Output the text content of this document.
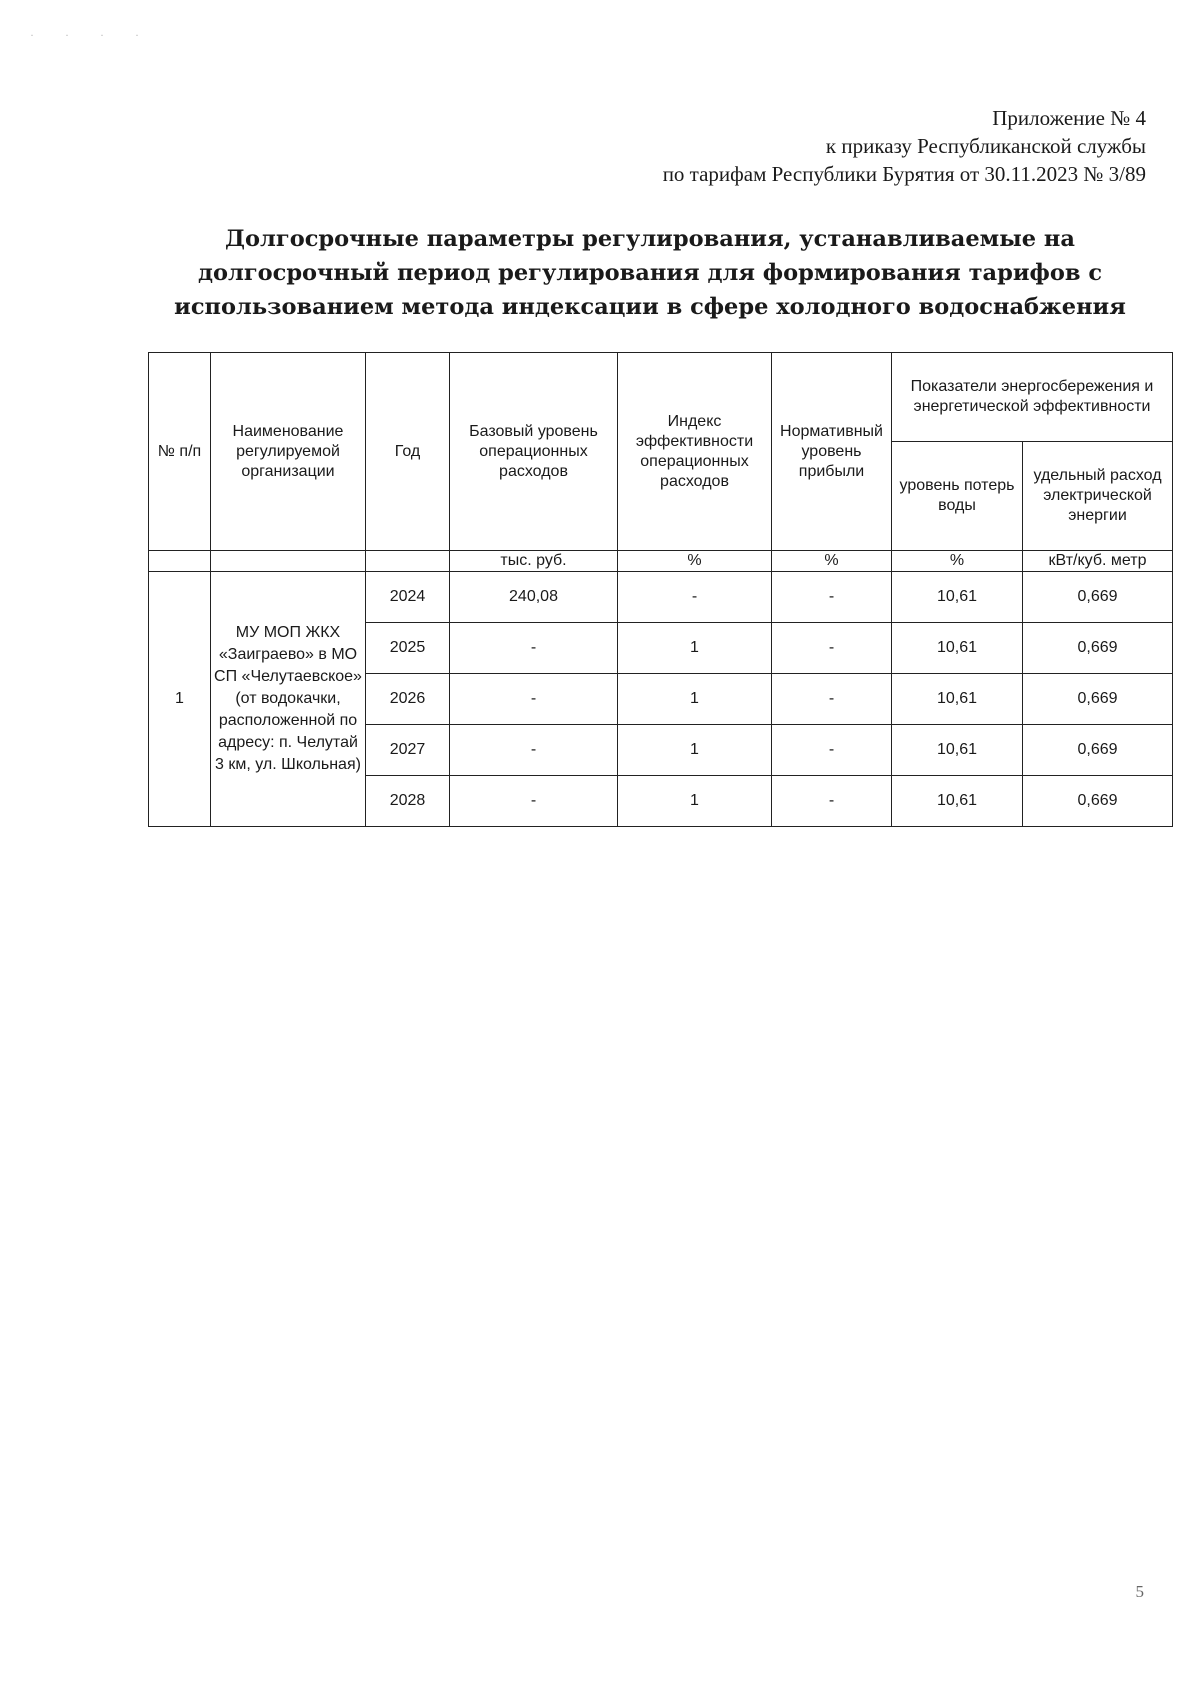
· · · ·
Приложение № 4
к приказу Республиканской службы
по тарифам Республики Бурятия от 30.11.2023 № 3/89
Долгосрочные параметры регулирования, устанавливаемые на
долгосрочный период регулирования для формирования тарифов с
использованием метода индексации в сфере холодного водоснабжения
№ п/п	Наименование регулируемой организации	Год	Базовый уровень операционных расходов	Индекс эффективности операционных расходов	Нормативный уровень прибыли	Показатели энергосбережения и энергетической эффективности	
						уровень потерь воды	удельный расход электрической энергии
			тыс. руб.	%	%	%	кВт/куб. метр
1	МУ МОП ЖКХ «Заиграево» в МО СП «Челутаевское» (от водокачки, расположенной по адресу: п. Челутай 3 км, ул. Школьная)	2024	240,08	-	-	10,61	0,669
		2025	-	1	-	10,61	0,669
		2026	-	1	-	10,61	0,669
		2027	-	1	-	10,61	0,669
		2028	-	1	-	10,61	0,669
5
